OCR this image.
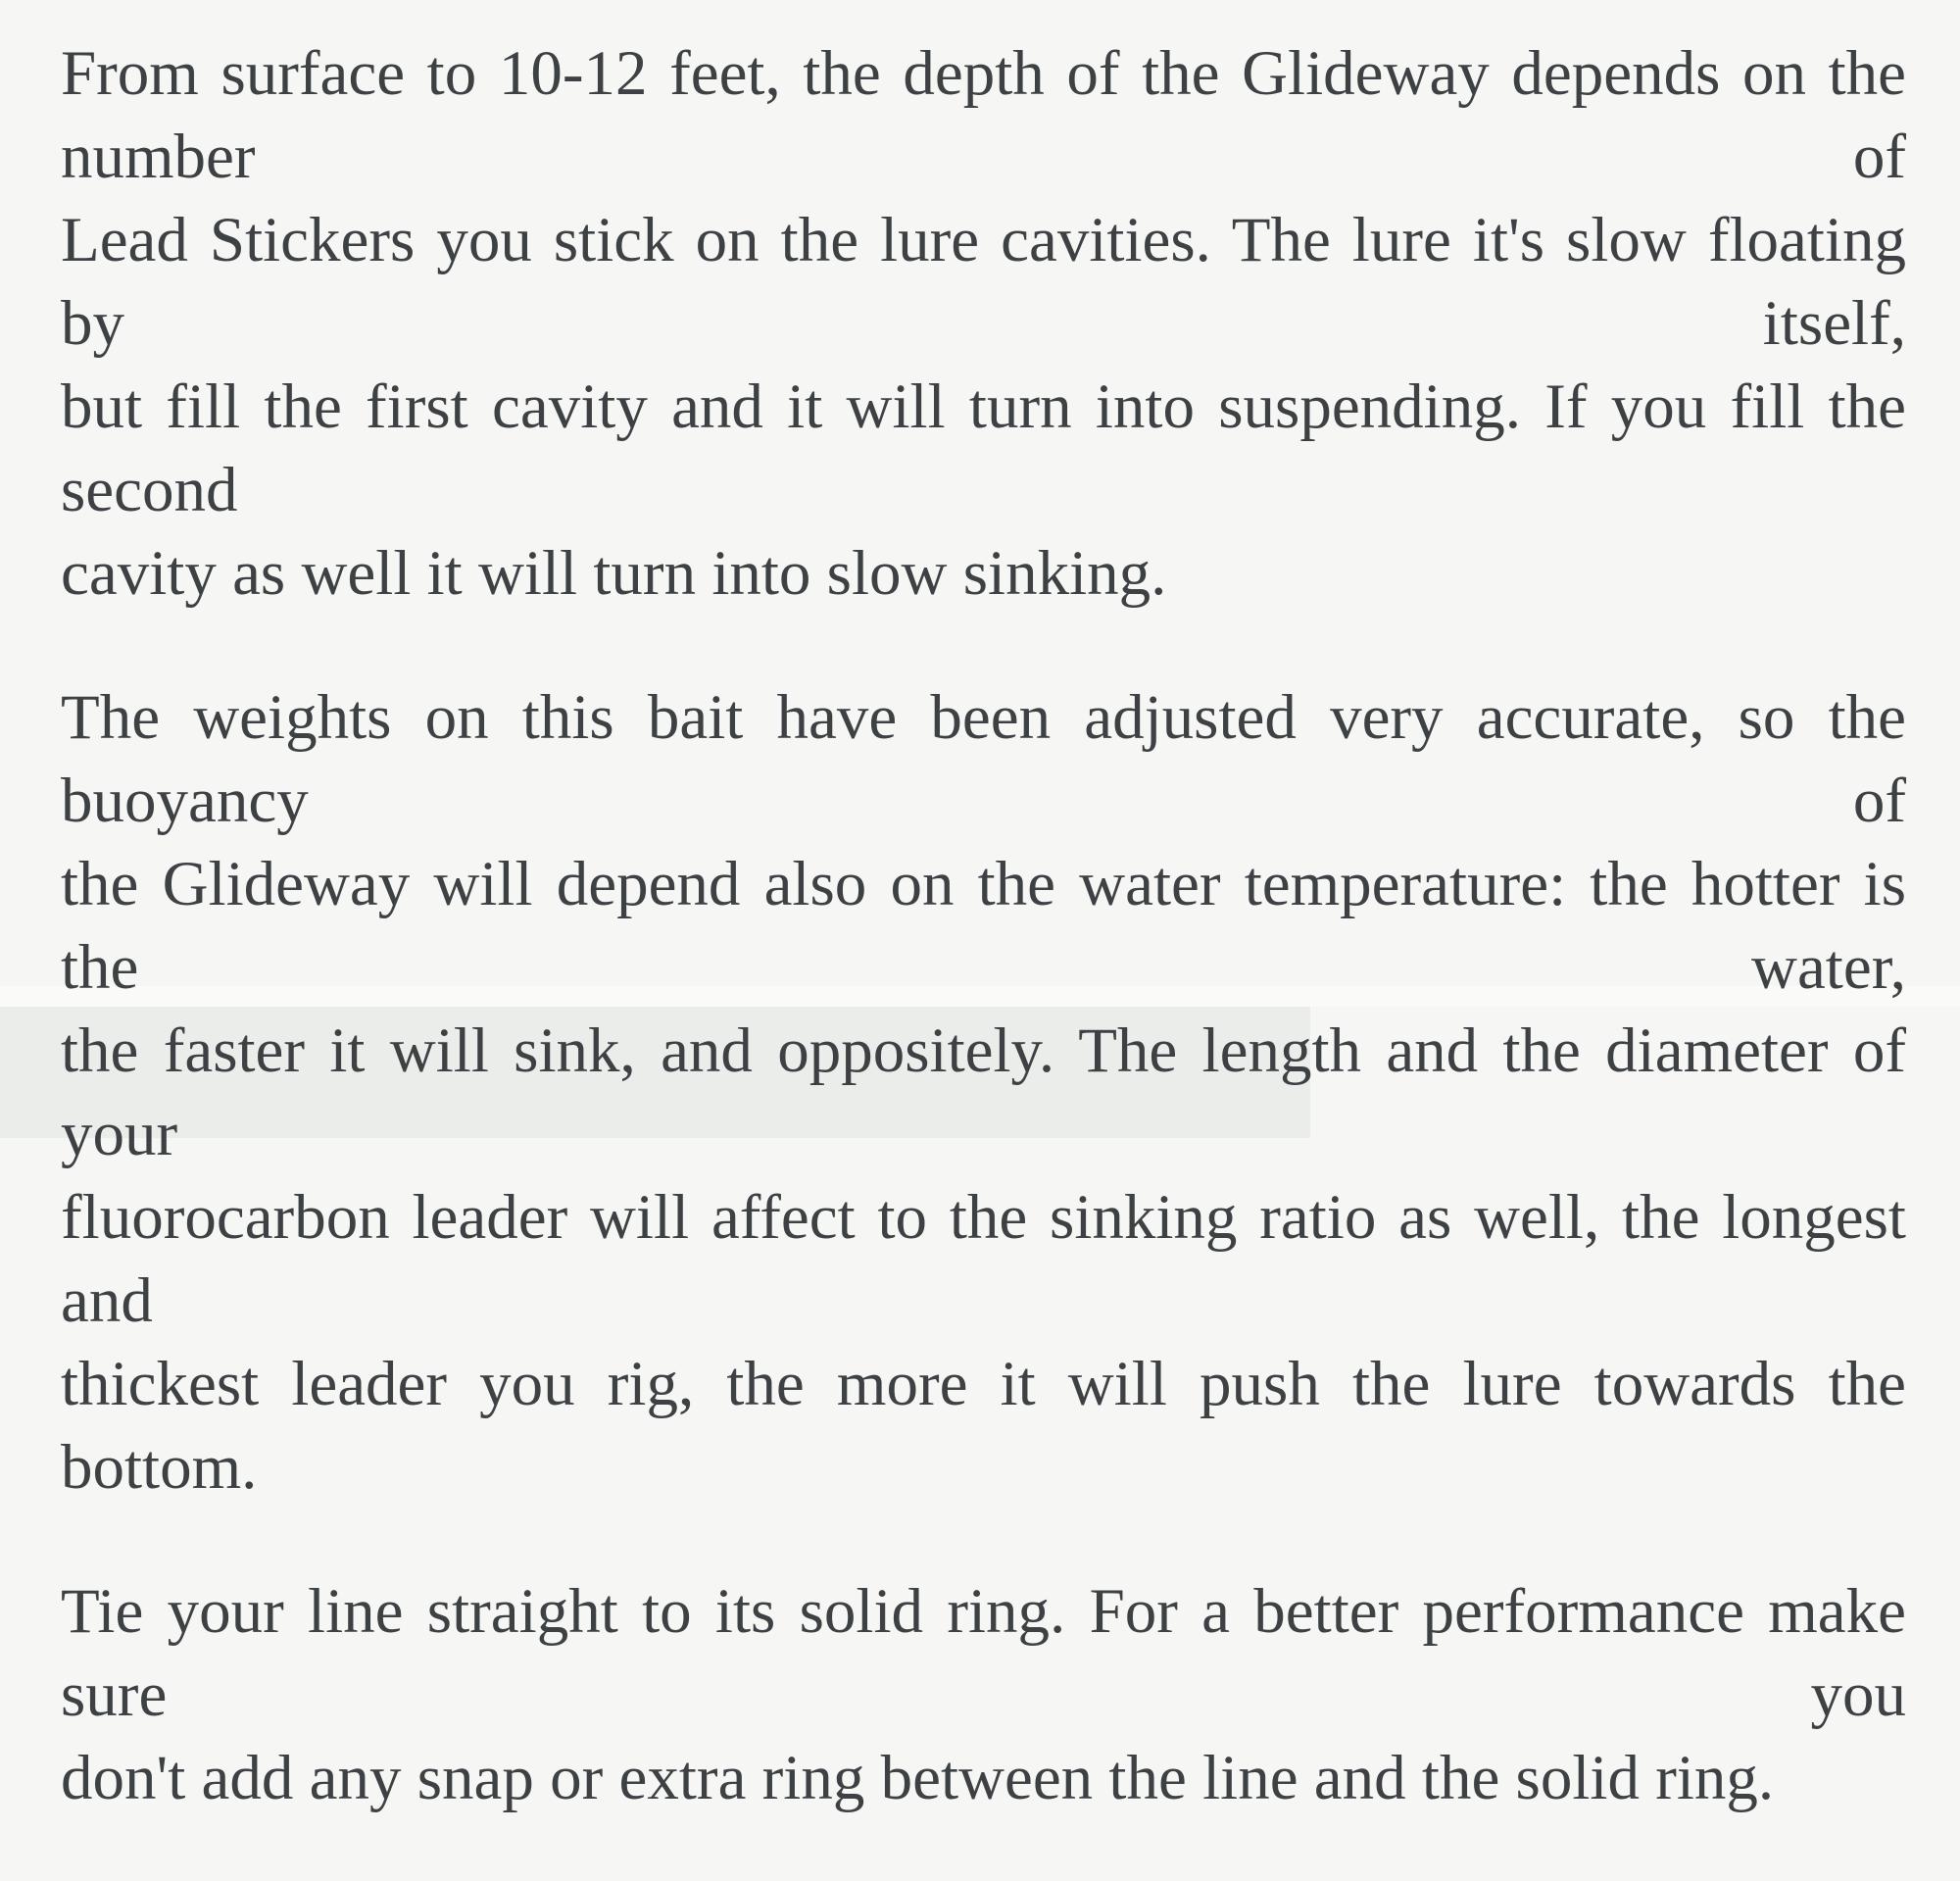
From surface to 10-12 feet, the depth of the Glideway depends on the number of
Lead Stickers you stick on the lure cavities. The lure it's slow floating by itself,
but fill the first cavity and it will turn into suspending. If you fill the second
cavity as well it will turn into slow sinking.
The weights on this bait have been adjusted very accurate, so the buoyancy of
the Glideway will depend also on the water temperature: the hotter is the water,
the faster it will sink, and oppositely. The length and the diameter of your
fluorocarbon leader will affect to the sinking ratio as well, the longest and
thickest leader you rig, the more it will push the lure towards the bottom.
Tie your line straight to its solid ring. For a better performance make sure you
don't add any snap or extra ring between the line and the solid ring.
